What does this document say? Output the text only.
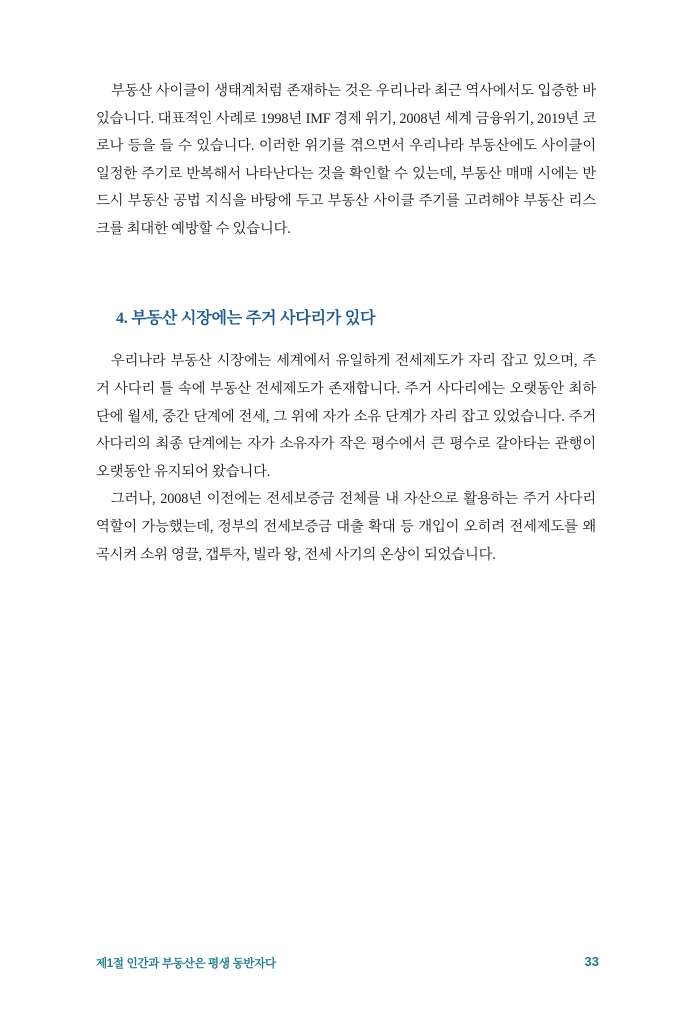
부동산 사이클이 생태계처럼 존재하는 것은 우리나라 최근 역사에서도 입증한 바 있습니다. 대표적인 사례로 1998년 IMF 경제 위기, 2008년 세계 금융위기, 2019년 코로나 등을 들 수 있습니다. 이러한 위기를 겪으면서 우리나라 부동산에도 사이클이 일정한 주기로 반복해서 나타난다는 것을 확인할 수 있는데, 부동산 매매 시에는 반드시 부동산 공법 지식을 바탕에 두고 부동산 사이클 주기를 고려해야 부동산 리스크를 최대한 예방할 수 있습니다.

4. 부동산 시장에는 주거 사다리가 있다

우리나라 부동산 시장에는 세계에서 유일하게 전세제도가 자리 잡고 있으며, 주거 사다리 틀 속에 부동산 전세제도가 존재합니다. 주거 사다리에는 오랫동안 최하단에 월세, 중간 단계에 전세, 그 위에 자가 소유 단계가 자리 잡고 있었습니다. 주거 사다리의 최종 단계에는 자가 소유자가 작은 평수에서 큰 평수로 갈아타는 관행이 오랫동안 유지되어 왔습니다.

그러나, 2008년 이전에는 전세보증금 전체를 내 자산으로 활용하는 주거 사다리 역할이 가능했는데, 정부의 전세보증금 대출 확대 등 개입이 오히려 전세제도를 왜곡시켜 소위 영끌, 갭투자, 빌라 왕, 전세 사기의 온상이 되었습니다.

제1절 인간과 부동산은 평생 동반자다	33
